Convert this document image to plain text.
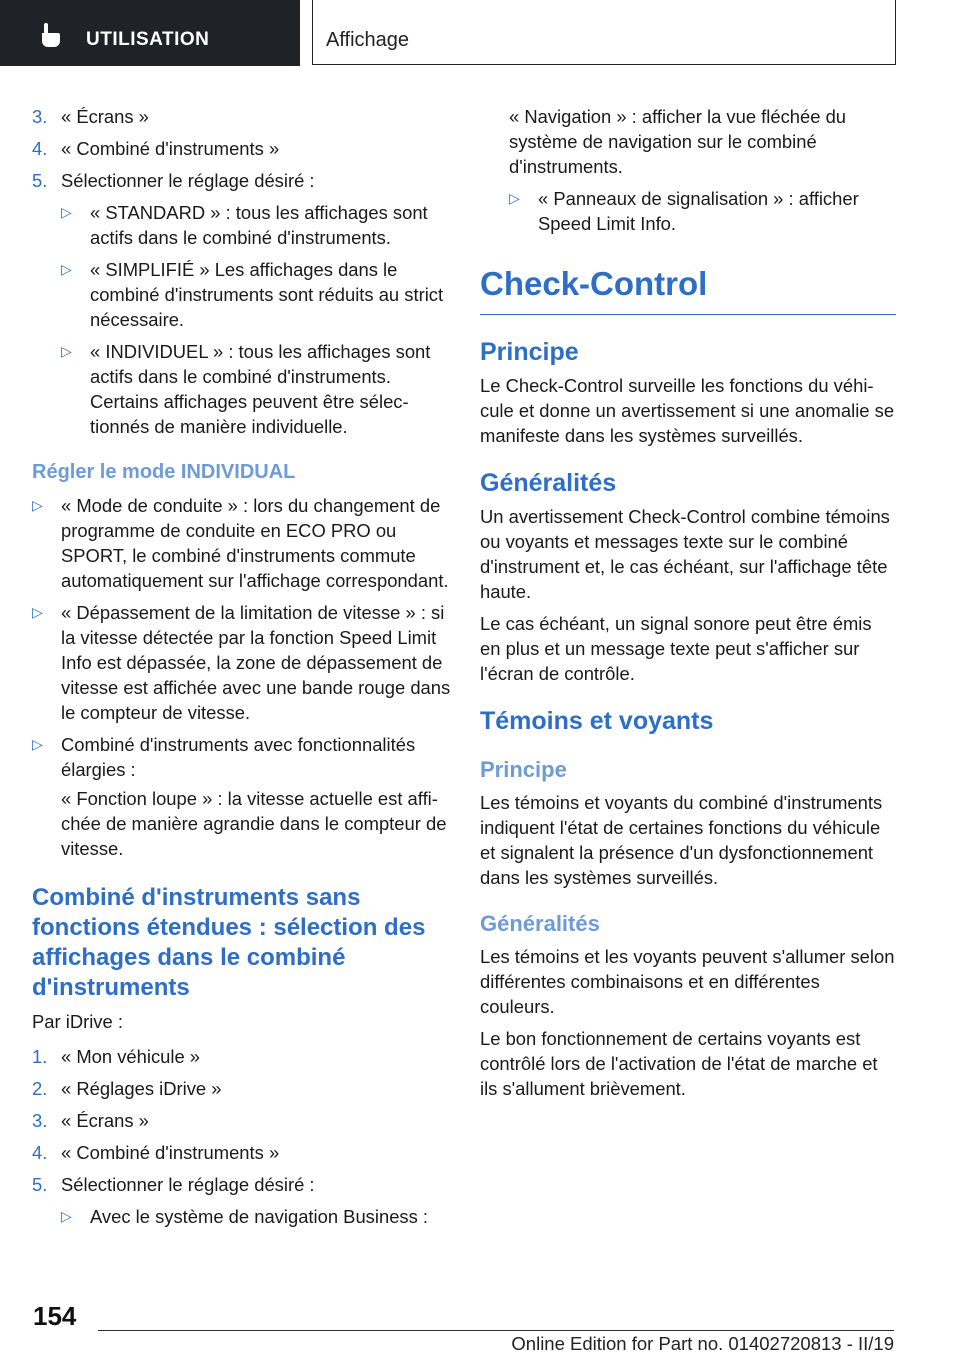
UTILISATION	Affichage
3. « Écrans »
4. « Combiné d'instruments »
5. Sélectionner le réglage désiré :
▷ « STANDARD » : tous les affichages sont actifs dans le combiné d'instruments.
▷ « SIMPLIFIÉ » Les affichages dans le combiné d'instruments sont réduits au strict nécessaire.
▷ « INDIVIDUEL » : tous les affichages sont actifs dans le combiné d'instruments. Certains affichages peuvent être sélectionnés de manière individuelle.
Régler le mode INDIVIDUAL
▷ « Mode de conduite » : lors du changement de programme de conduite en ECO PRO ou SPORT, le combiné d'instruments commute automatiquement sur l'affichage correspondant.
▷ « Dépassement de la limitation de vitesse » : si la vitesse détectée par la fonction Speed Limit Info est dépassée, la zone de dépassement de vitesse est affichée avec une bande rouge dans le compteur de vitesse.
▷ Combiné d'instruments avec fonctionnalités élargies :
« Fonction loupe » : la vitesse actuelle est affichée de manière agrandie dans le compteur de vitesse.
Combiné d'instruments sans fonctions étendues : sélection des affichages dans le combiné d'instruments
Par iDrive :
1. « Mon véhicule »
2. « Réglages iDrive »
3. « Écrans »
4. « Combiné d'instruments »
5. Sélectionner le réglage désiré :
▷ Avec le système de navigation Business :
« Navigation » : afficher la vue fléchée du système de navigation sur le combiné d'instruments.
▷ « Panneaux de signalisation » : afficher Speed Limit Info.
Check-Control
Principe
Le Check-Control surveille les fonctions du véhicule et donne un avertissement si une anomalie se manifeste dans les systèmes surveillés.
Généralités
Un avertissement Check-Control combine témoins ou voyants et messages texte sur le combiné d'instrument et, le cas échéant, sur l'affichage tête haute.
Le cas échéant, un signal sonore peut être émis en plus et un message texte peut s'afficher sur l'écran de contrôle.
Témoins et voyants
Principe
Les témoins et voyants du combiné d'instruments indiquent l'état de certaines fonctions du véhicule et signalent la présence d'un dysfonctionnement dans les systèmes surveillés.
Généralités
Les témoins et les voyants peuvent s'allumer selon différentes combinaisons et en différentes couleurs.
Le bon fonctionnement de certains voyants est contrôlé lors de l'activation de l'état de marche et ils s'allument brièvement.
154
Online Edition for Part no. 01402720813 - II/19
